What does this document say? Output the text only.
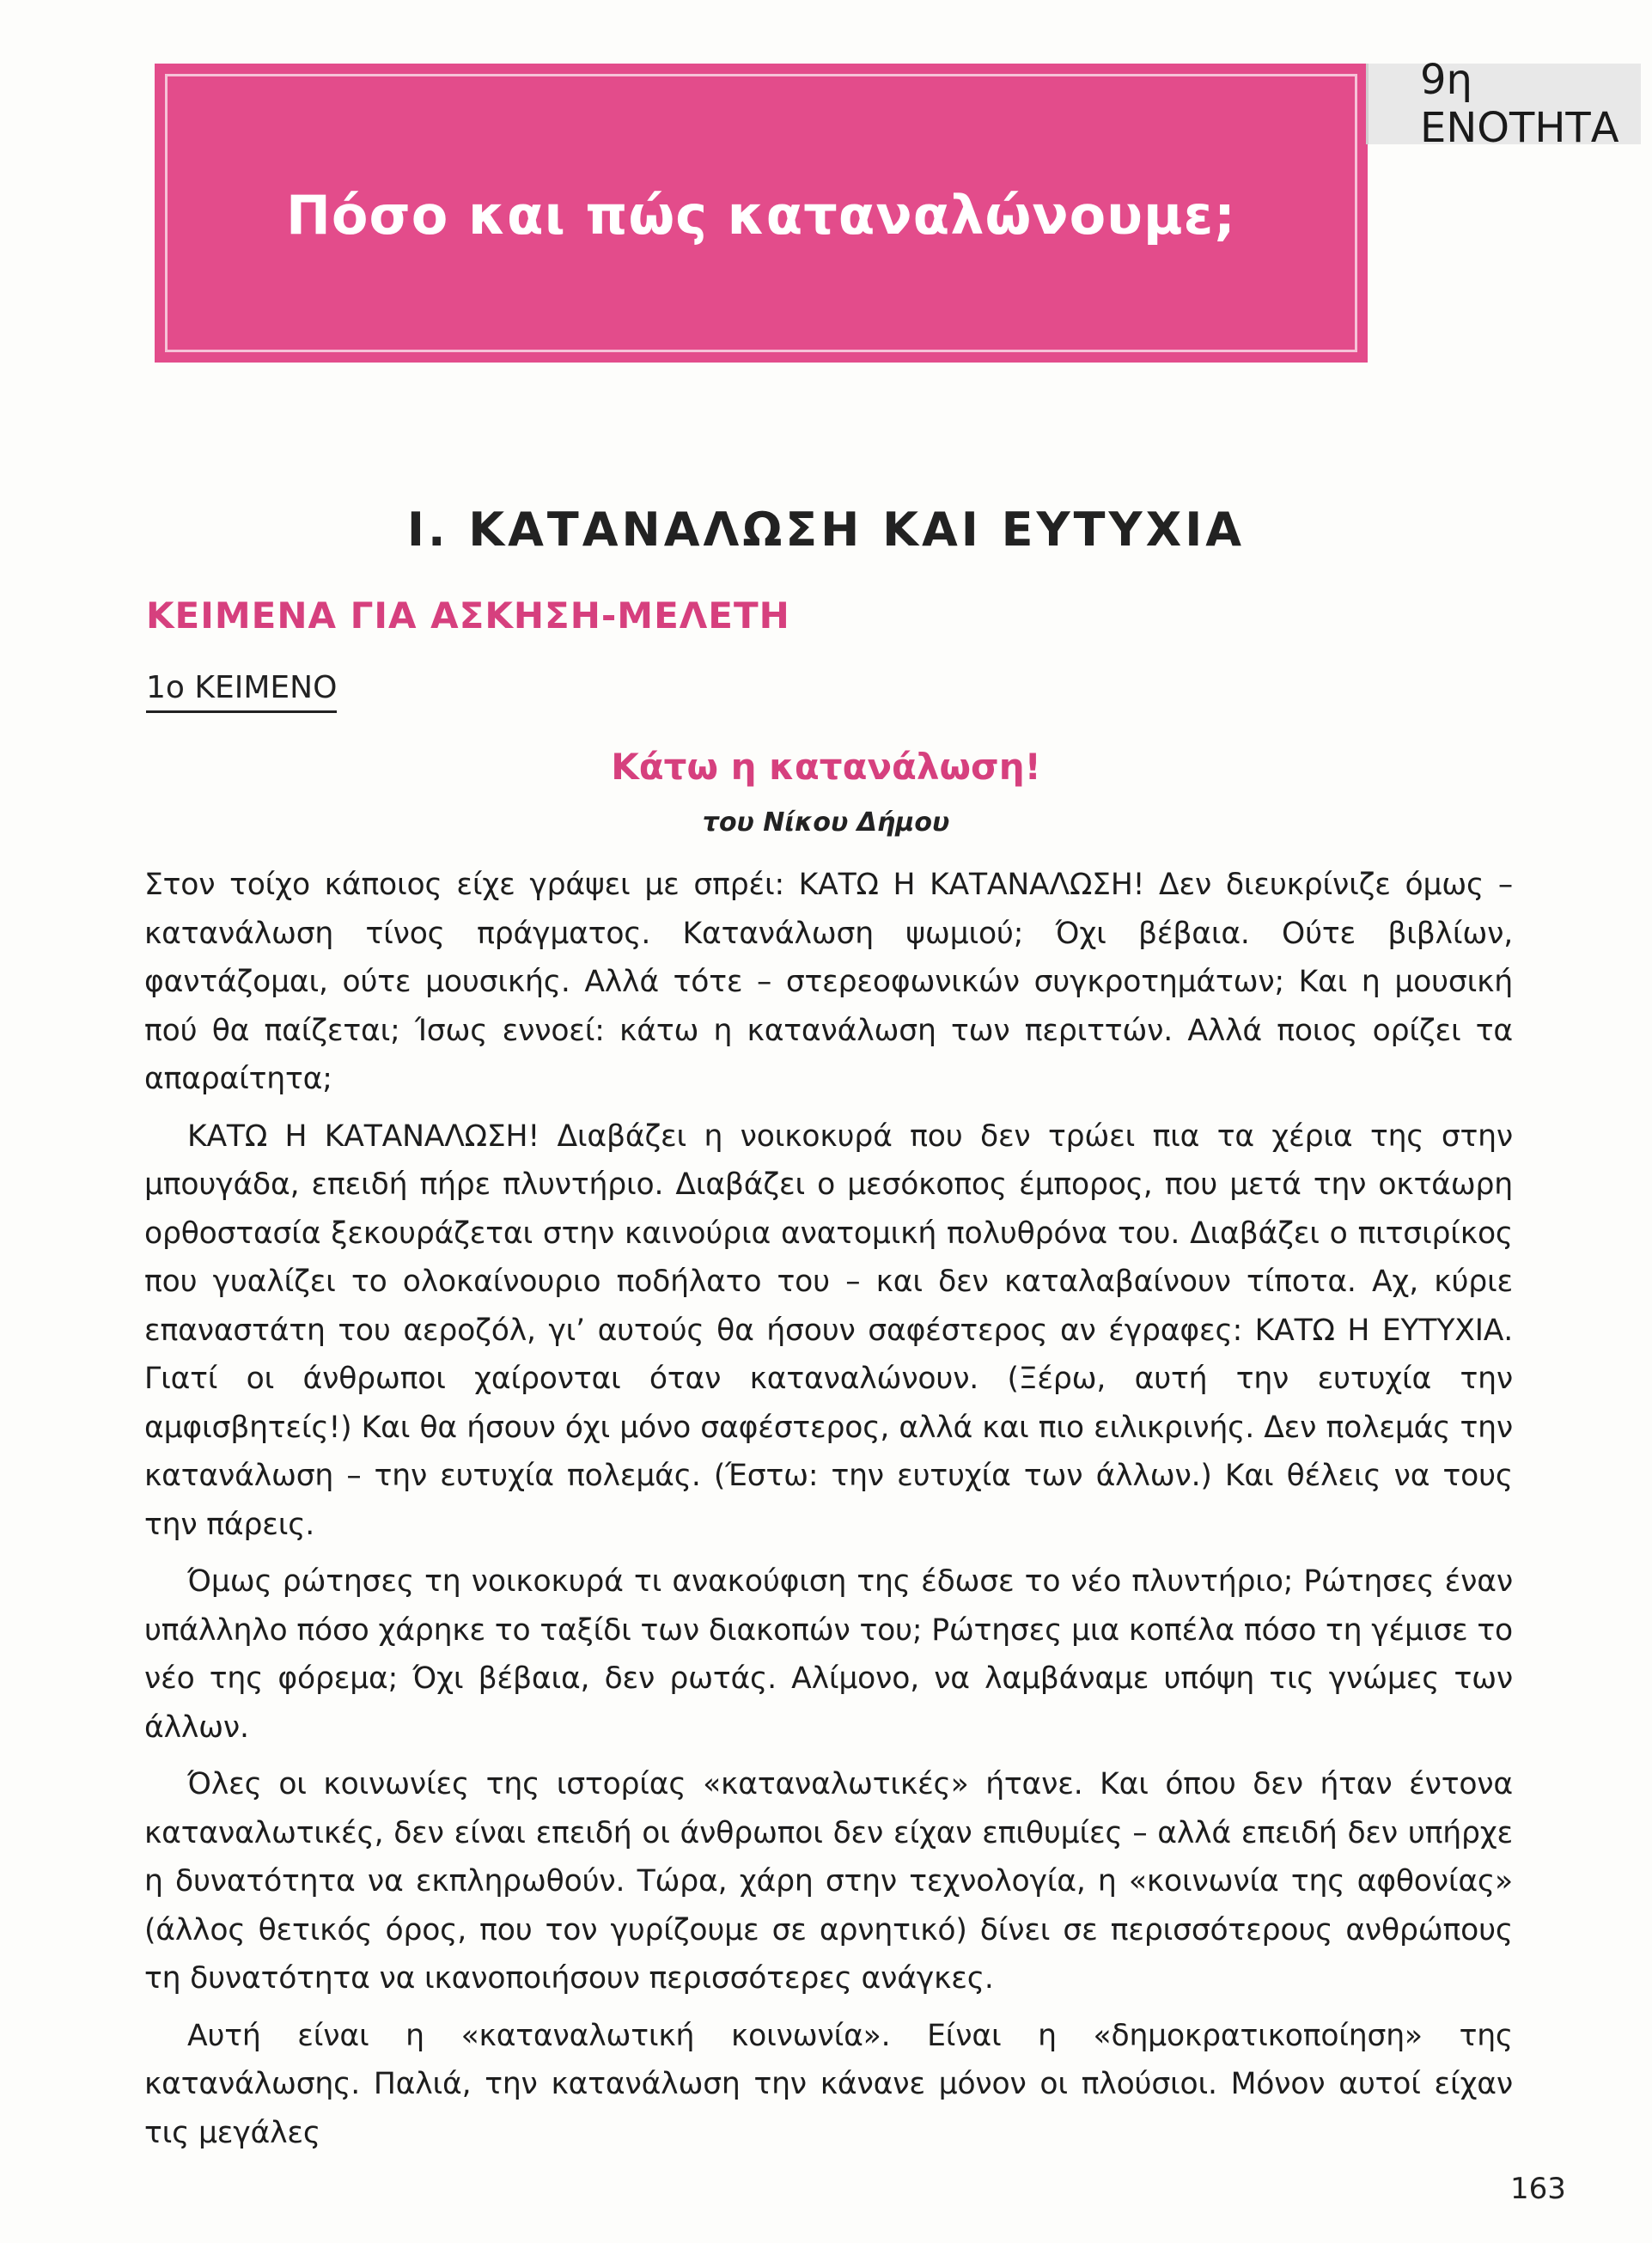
Πόσο και πώς καταναλώνουμε;
9η ΕΝΟΤΗΤΑ
Ι. ΚΑΤΑΝΑΛΩΣΗ ΚΑΙ ΕΥΤΥΧΙΑ
ΚΕΙΜΕΝΑ ΓΙΑ ΑΣΚΗΣΗ-ΜΕΛΕΤΗ
1ο ΚΕΙΜΕΝΟ
Κάτω η κατανάλωση!
του Νίκου Δήμου

Στον τοίχο κάποιος είχε γράψει με σπρέι: ΚΑΤΩ Η ΚΑΤΑΝΑΛΩΣΗ! Δεν διευκρίνιζε όμως – κατανάλωση τίνος πράγματος. Κατανάλωση ψωμιού; Όχι βέβαια. Ούτε βιβλίων, φαντάζομαι, ούτε μουσικής. Αλλά τότε – στερεοφωνικών συγκροτημάτων; Και η μουσική πού θα παίζεται; Ίσως εννοεί: κάτω η κατανάλωση των περιττών. Αλλά ποιος ορίζει τα απαραίτητα;

ΚΑΤΩ Η ΚΑΤΑΝΑΛΩΣΗ! Διαβάζει η νοικοκυρά που δεν τρώει πια τα χέρια της στην μπουγάδα, επειδή πήρε πλυντήριο. Διαβάζει ο μεσόκοπος έμπορος, που μετά την οκτάωρη ορθοστασία ξεκουράζεται στην καινούρια ανατομική πολυθρόνα του. Διαβάζει ο πιτσιρίκος που γυαλίζει το ολοκαίνουριο ποδήλατο του – και δεν καταλαβαίνουν τίποτα. Αχ, κύριε επαναστάτη του αεροζόλ, γι’ αυτούς θα ήσουν σαφέστερος αν έγραφες: ΚΑΤΩ Η ΕΥΤΥΧΙΑ. Γιατί οι άνθρωποι χαίρονται όταν καταναλώνουν. (Ξέρω, αυτή την ευτυχία την αμφισβητείς!) Και θα ήσουν όχι μόνο σαφέστερος, αλλά και πιο ειλικρινής. Δεν πολεμάς την κατανάλωση – την ευτυχία πολεμάς. (Έστω: την ευτυχία των άλλων.) Και θέλεις να τους την πάρεις.

Όμως ρώτησες τη νοικοκυρά τι ανακούφιση της έδωσε το νέο πλυντήριο; Ρώτησες έναν υπάλληλο πόσο χάρηκε το ταξίδι των διακοπών του; Ρώτησες μια κοπέλα πόσο τη γέμισε το νέο της φόρεμα; Όχι βέβαια, δεν ρωτάς. Αλίμονο, να λαμβάναμε υπόψη τις γνώμες των άλλων.

Όλες οι κοινωνίες της ιστορίας «καταναλωτικές» ήτανε. Και όπου δεν ήταν έντονα καταναλωτικές, δεν είναι επειδή οι άνθρωποι δεν είχαν επιθυμίες – αλλά επειδή δεν υπήρχε η δυνατότητα να εκπληρωθούν. Τώρα, χάρη στην τεχνολογία, η «κοινωνία της αφθονίας» (άλλος θετικός όρος, που τον γυρίζουμε σε αρνητικό) δίνει σε περισσότερους ανθρώπους τη δυνατότητα να ικανοποιήσουν περισσότερες ανάγκες.

Αυτή είναι η «καταναλωτική κοινωνία». Είναι η «δημοκρατικοποίηση» της κατανάλωσης. Παλιά, την κατανάλωση την κάνανε μόνον οι πλούσιοι. Μόνον αυτοί είχαν τις μεγάλες

163
